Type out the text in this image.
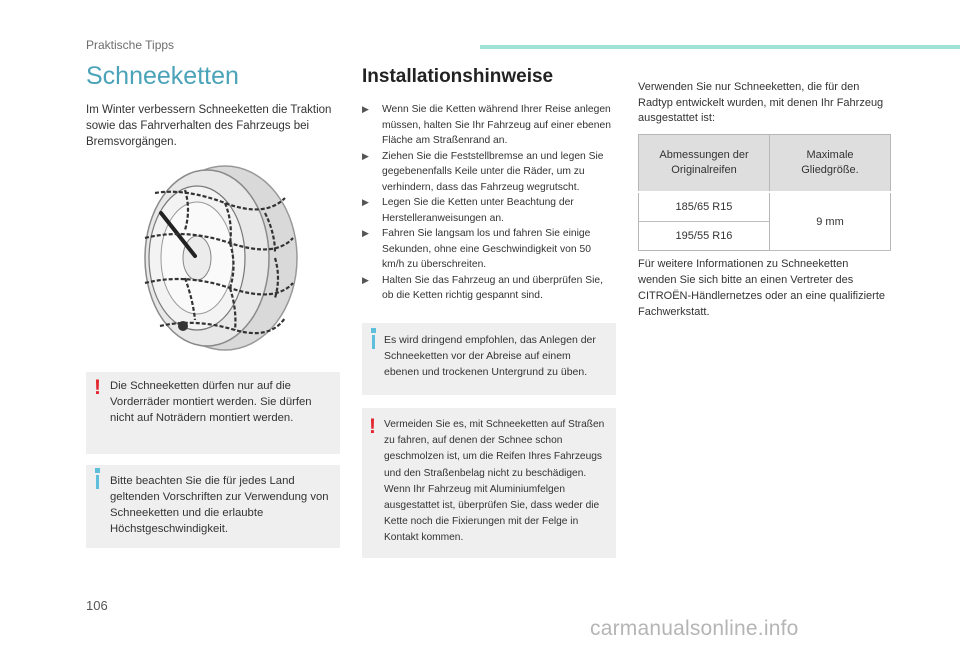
Praktische Tipps
Schneeketten
Im Winter verbessern Schneeketten die Traktion sowie das Fahrverhalten des Fahrzeugs bei Bremsvorgängen.
! Die Schneeketten dürfen nur auf die Vorderräder montiert werden. Sie dürfen nicht auf Noträdern montiert werden.
Bitte beachten Sie die für jedes Land geltenden Vorschriften zur Verwendung von Schneeketten und die erlaubte Höchstgeschwindigkeit.
Installationshinweise
▶ Wenn Sie die Ketten während Ihrer Reise anlegen müssen, halten Sie Ihr Fahrzeug auf einer ebenen Fläche am Straßenrand an.
▶ Ziehen Sie die Feststellbremse an und legen Sie gegebenenfalls Keile unter die Räder, um zu verhindern, dass das Fahrzeug wegrutscht.
▶ Legen Sie die Ketten unter Beachtung der Herstelleranweisungen an.
▶ Fahren Sie langsam los und fahren Sie einige Sekunden, ohne eine Geschwindigkeit von 50 km/h zu überschreiten.
▶ Halten Sie das Fahrzeug an und überprüfen Sie, ob die Ketten richtig gespannt sind.
Es wird dringend empfohlen, das Anlegen der Schneeketten vor der Abreise auf einem ebenen und trockenen Untergrund zu üben.
! Vermeiden Sie es, mit Schneeketten auf Straßen zu fahren, auf denen der Schnee schon geschmolzen ist, um die Reifen Ihres Fahrzeugs und den Straßenbelag nicht zu beschädigen. Wenn Ihr Fahrzeug mit Aluminiumfelgen ausgestattet ist, überprüfen Sie, dass weder die Kette noch die Fixierungen mit der Felge in Kontakt kommen.
Verwenden Sie nur Schneeketten, die für den Radtyp entwickelt wurden, mit denen Ihr Fahrzeug ausgestattet ist:
Abmessungen der Originalreifen	Maximale Gliedgröße.

185/65 R15	9 mm
195/55 R16	
Für weitere Informationen zu Schneeketten wenden Sie sich bitte an einen Vertreter des CITROËN-Händlernetzes oder an eine qualifizierte Fachwerkstatt.
106
carmanualsonline.info
